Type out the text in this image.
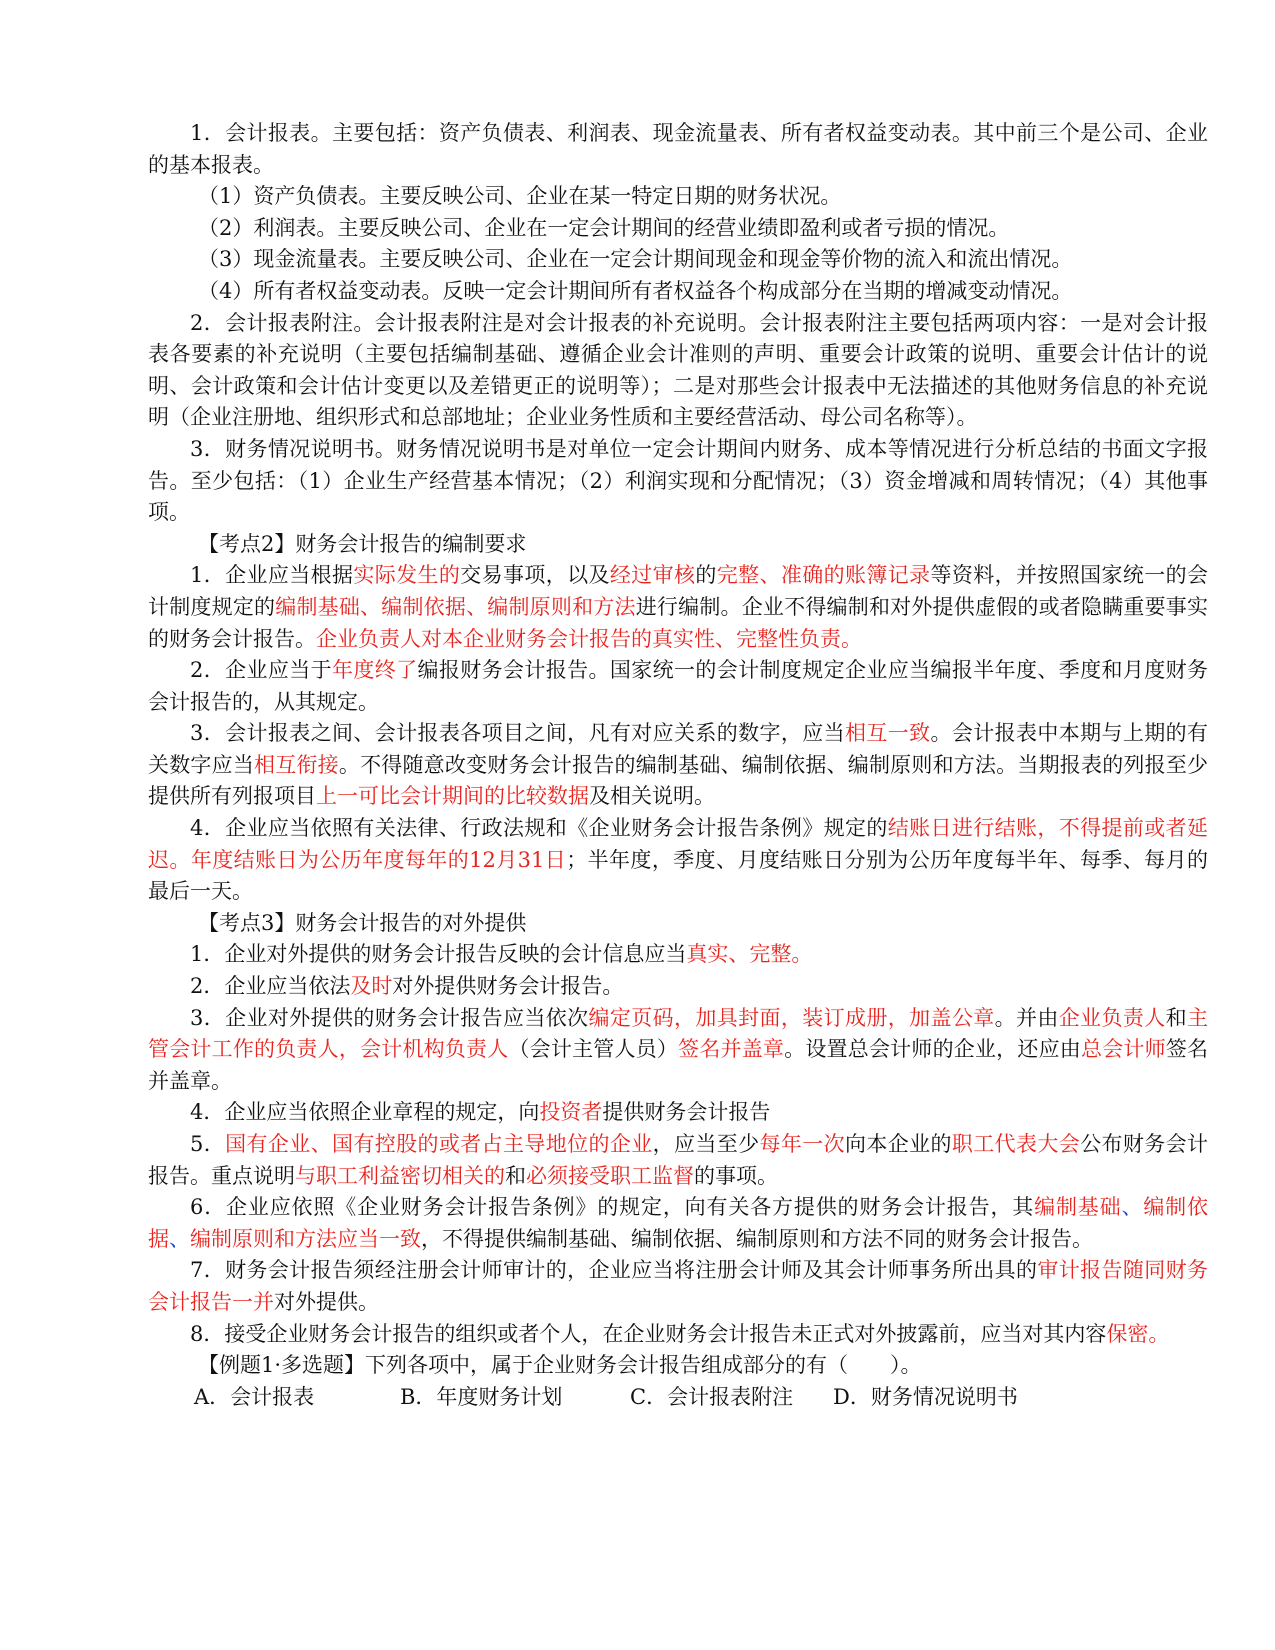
1．会计报表。主要包括：资产负债表、利润表、现金流量表、所有者权益变动表。其中前三个是公司、企业的基本报表。

（1）资产负债表。主要反映公司、企业在某一特定日期的财务状况。

（2）利润表。主要反映公司、企业在一定会计期间的经营业绩即盈利或者亏损的情况。

（3）现金流量表。主要反映公司、企业在一定会计期间现金和现金等价物的流入和流出情况。

（4）所有者权益变动表。反映一定会计期间所有者权益各个构成部分在当期的增减变动情况。

2．会计报表附注。会计报表附注是对会计报表的补充说明。会计报表附注主要包括两项内容：一是对会计报表各要素的补充说明（主要包括编制基础、遵循企业会计准则的声明、重要会计政策的说明、重要会计估计的说明、会计政策和会计估计变更以及差错更正的说明等）；二是对那些会计报表中无法描述的其他财务信息的补充说明（企业注册地、组织形式和总部地址；企业业务性质和主要经营活动、母公司名称等）。

3．财务情况说明书。财务情况说明书是对单位一定会计期间内财务、成本等情况进行分析总结的书面文字报告。至少包括：（1）企业生产经营基本情况；（2）利润实现和分配情况；（3）资金增减和周转情况；（4）其他事项。

【考点2】财务会计报告的编制要求

1．企业应当根据实际发生的交易事项，以及经过审核的完整、准确的账簿记录等资料，并按照国家统一的会计制度规定的编制基础、编制依据、编制原则和方法进行编制。企业不得编制和对外提供虚假的或者隐瞒重要事实的财务会计报告。企业负责人对本企业财务会计报告的真实性、完整性负责。

2．企业应当于年度终了编报财务会计报告。国家统一的会计制度规定企业应当编报半年度、季度和月度财务会计报告的，从其规定。

3．会计报表之间、会计报表各项目之间，凡有对应关系的数字，应当相互一致。会计报表中本期与上期的有关数字应当相互衔接。不得随意改变财务会计报告的编制基础、编制依据、编制原则和方法。当期报表的列报至少提供所有列报项目上一可比会计期间的比较数据及相关说明。

4．企业应当依照有关法律、行政法规和《企业财务会计报告条例》规定的结账日进行结账，不得提前或者延迟。年度结账日为公历年度每年的12月31日；半年度，季度、月度结账日分别为公历年度每半年、每季、每月的最后一天。

【考点3】财务会计报告的对外提供

1．企业对外提供的财务会计报告反映的会计信息应当真实、完整。

2．企业应当依法及时对外提供财务会计报告。

3．企业对外提供的财务会计报告应当依次编定页码，加具封面，装订成册，加盖公章。并由企业负责人和主管会计工作的负责人，会计机构负责人（会计主管人员）签名并盖章。设置总会计师的企业，还应由总会计师签名并盖章。

4．企业应当依照企业章程的规定，向投资者提供财务会计报告

5．国有企业、国有控股的或者占主导地位的企业，应当至少每年一次向本企业的职工代表大会公布财务会计报告。重点说明与职工利益密切相关的和必须接受职工监督的事项。

6．企业应依照《企业财务会计报告条例》的规定，向有关各方提供的财务会计报告，其编制基础、编制依据、编制原则和方法应当一致，不得提供编制基础、编制依据、编制原则和方法不同的财务会计报告。

7．财务会计报告须经注册会计师审计的，企业应当将注册会计师及其会计师事务所出具的审计报告随同财务会计报告一并对外提供。

8．接受企业财务会计报告的组织或者个人，在企业财务会计报告未正式对外披露前，应当对其内容保密。

【例题1·多选题】下列各项中，属于企业财务会计报告组成部分的有（　　）。

A．会计报表	B．年度财务计划	C．会计报表附注 D．财务情况说明书
